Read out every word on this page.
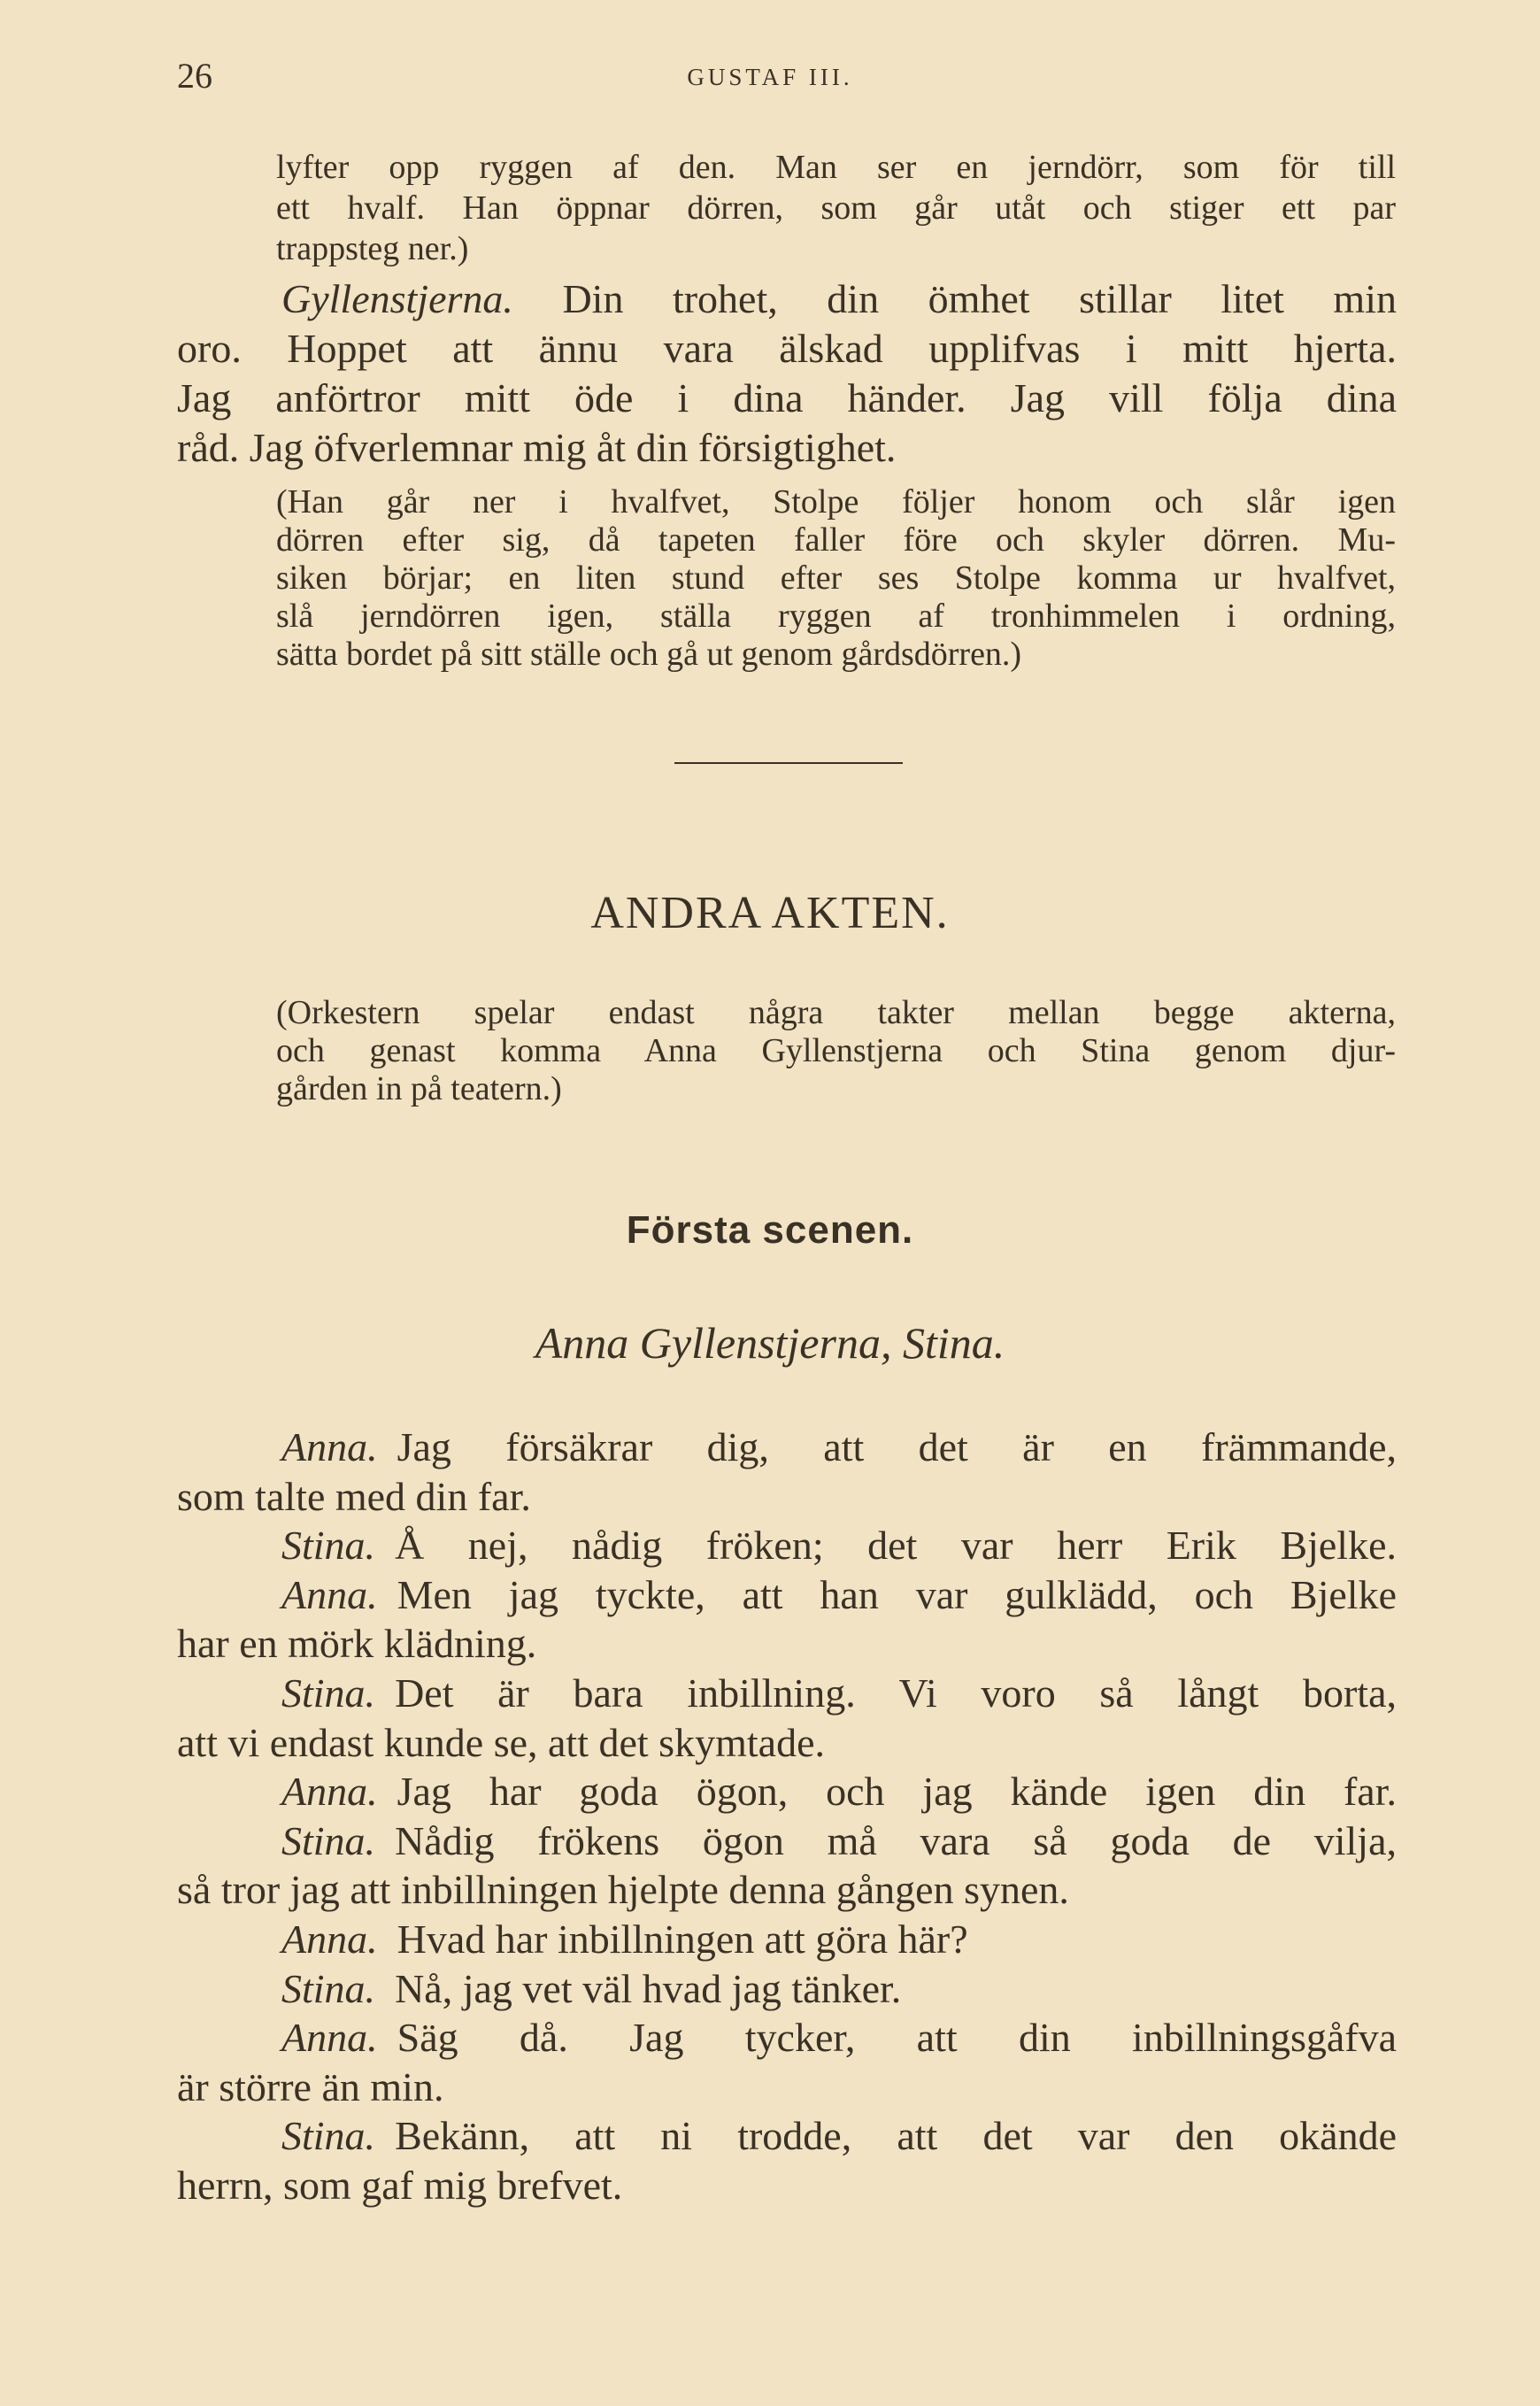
26	GUSTAF III.
lyfter opp ryggen af den. Man ser en jerndörr, som för till
ett hvalf. Han öppnar dörren, som går utåt och stiger ett par
trappsteg ner.)
Gyllenstjerna. Din trohet, din ömhet stillar litet min
oro. Hoppet att ännu vara älskad upplifvas i mitt hjerta.
Jag anförtror mitt öde i dina händer. Jag vill följa dina
råd. Jag öfverlemnar mig åt din försigtighet.
(Han går ner i hvalfvet, Stolpe följer honom och slår igen
dörren efter sig, då tapeten faller före och skyler dörren. Mu-
siken börjar; en liten stund efter ses Stolpe komma ur hvalfvet,
slå jerndörren igen, ställa ryggen af tronhimmelen i ordning,
sätta bordet på sitt ställe och gå ut genom gårdsdörren.)
ANDRA AKTEN.
(Orkestern spelar endast några takter mellan begge akterna,
och genast komma Anna Gyllenstjerna och Stina genom djur-
gården in på teatern.)
Första scenen.
Anna Gyllenstjerna, Stina.
Anna. Jag försäkrar dig, att det är en främmande,
som talte med din far.
Stina. Å nej, nådig fröken; det var herr Erik Bjelke.
Anna. Men jag tyckte, att han var gulklädd, och Bjelke
har en mörk klädning.
Stina. Det är bara inbillning. Vi voro så långt borta,
att vi endast kunde se, att det skymtade.
Anna. Jag har goda ögon, och jag kände igen din far.
Stina. Nådig frökens ögon må vara så goda de vilja,
så tror jag att inbillningen hjelpte denna gången synen.
Anna. Hvad har inbillningen att göra här?
Stina. Nå, jag vet väl hvad jag tänker.
Anna. Säg då. Jag tycker, att din inbillningsgåfva
är större än min.
Stina. Bekänn, att ni trodde, att det var den okände
herrn, som gaf mig brefvet.
